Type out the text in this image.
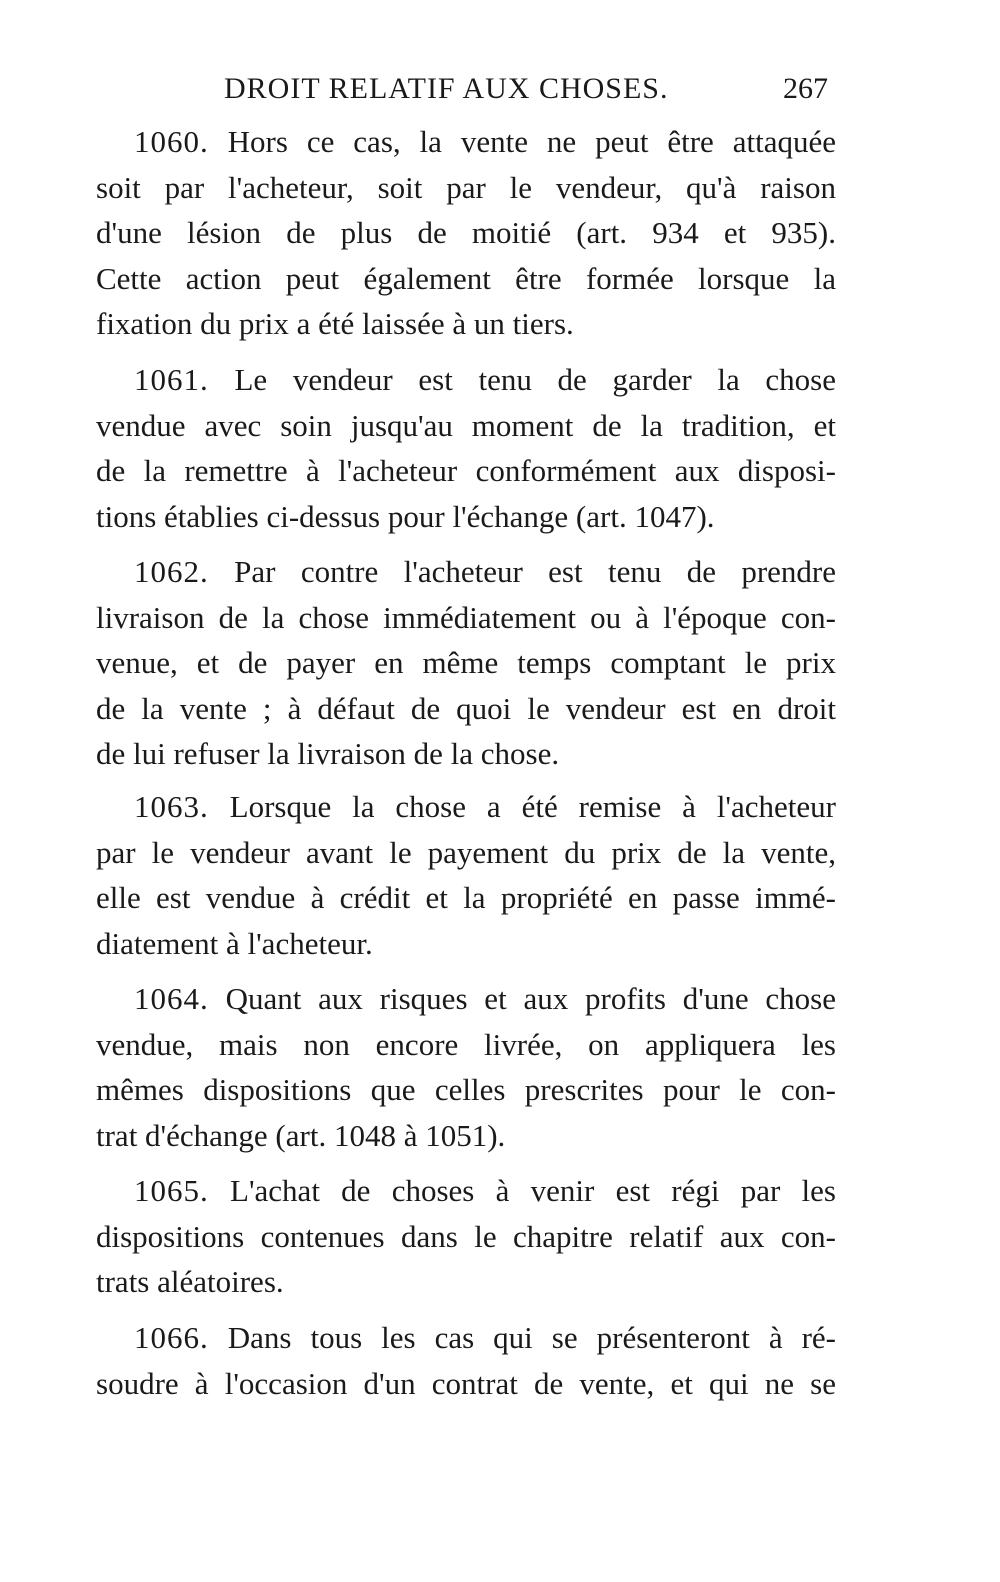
DROIT RELATIF AUX CHOSES.	267
1060. Hors ce cas, la vente ne peut être attaquée
soit par l'acheteur, soit par le vendeur, qu'à raison
d'une lésion de plus de moitié (art. 934 et 935).
Cette action peut également être formée lorsque la
fixation du prix a été laissée à un tiers.
1061. Le vendeur est tenu de garder la chose
vendue avec soin jusqu'au moment de la tradition, et
de la remettre à l'acheteur conformément aux disposi-
tions établies ci-dessus pour l'échange (art. 1047).
1062. Par contre l'acheteur est tenu de prendre
livraison de la chose immédiatement ou à l'époque con-
venue, et de payer en même temps comptant le prix
de la vente ; à défaut de quoi le vendeur est en droit
de lui refuser la livraison de la chose.
1063. Lorsque la chose a été remise à l'acheteur
par le vendeur avant le payement du prix de la vente,
elle est vendue à crédit et la propriété en passe immé-
diatement à l'acheteur.
1064. Quant aux risques et aux profits d'une chose
vendue, mais non encore livrée, on appliquera les
mêmes dispositions que celles prescrites pour le con-
trat d'échange (art. 1048 à 1051).
1065. L'achat de choses à venir est régi par les
dispositions contenues dans le chapitre relatif aux con-
trats aléatoires.
1066. Dans tous les cas qui se présenteront à ré-
soudre à l'occasion d'un contrat de vente, et qui ne se
